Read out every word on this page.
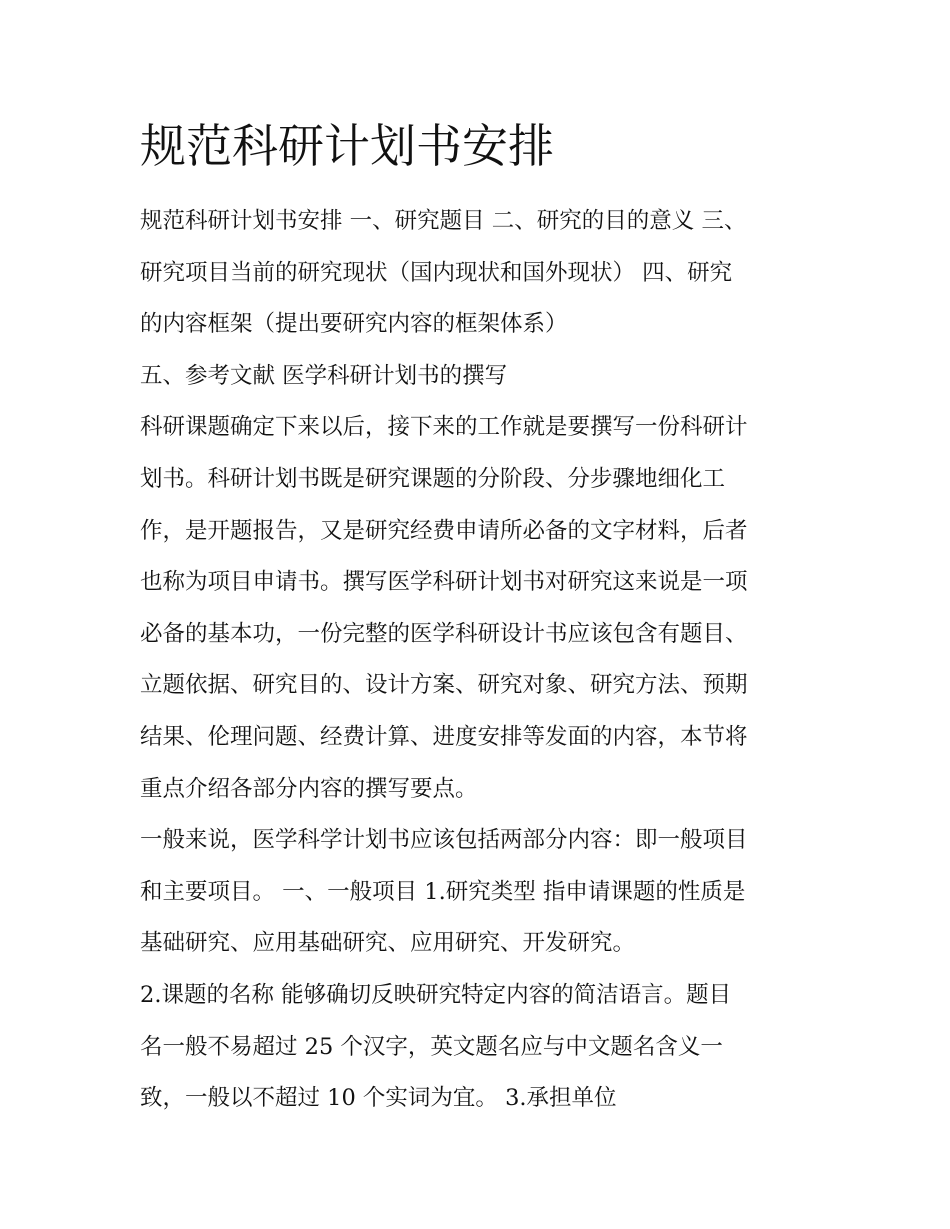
规范科研计划书安排
规范科研计划书安排 一、研究题目 二、研究的目的意义 三、
研究项目当前的研究现状（国内现状和国外现状） 四、研究
的内容框架（提出要研究内容的框架体系）
五、参考文献 医学科研计划书的撰写
科研课题确定下来以后，接下来的工作就是要撰写一份科研计
划书。科研计划书既是研究课题的分阶段、分步骤地细化工
作，是开题报告，又是研究经费申请所必备的文字材料，后者
也称为项目申请书。撰写医学科研计划书对研究这来说是一项
必备的基本功，一份完整的医学科研设计书应该包含有题目、
立题依据、研究目的、设计方案、研究对象、研究方法、预期
结果、伦理问题、经费计算、进度安排等发面的内容，本节将
重点介绍各部分内容的撰写要点。
一般来说，医学科学计划书应该包括两部分内容：即一般项目
和主要项目。 一、一般项目 1.研究类型 指申请课题的性质是
基础研究、应用基础研究、应用研究、开发研究。
2.课题的名称 能够确切反映研究特定内容的简洁语言。题目
名一般不易超过 25 个汉字，英文题名应与中文题名含义一
致，一般以不超过 10 个实词为宜。 3.承担单位
